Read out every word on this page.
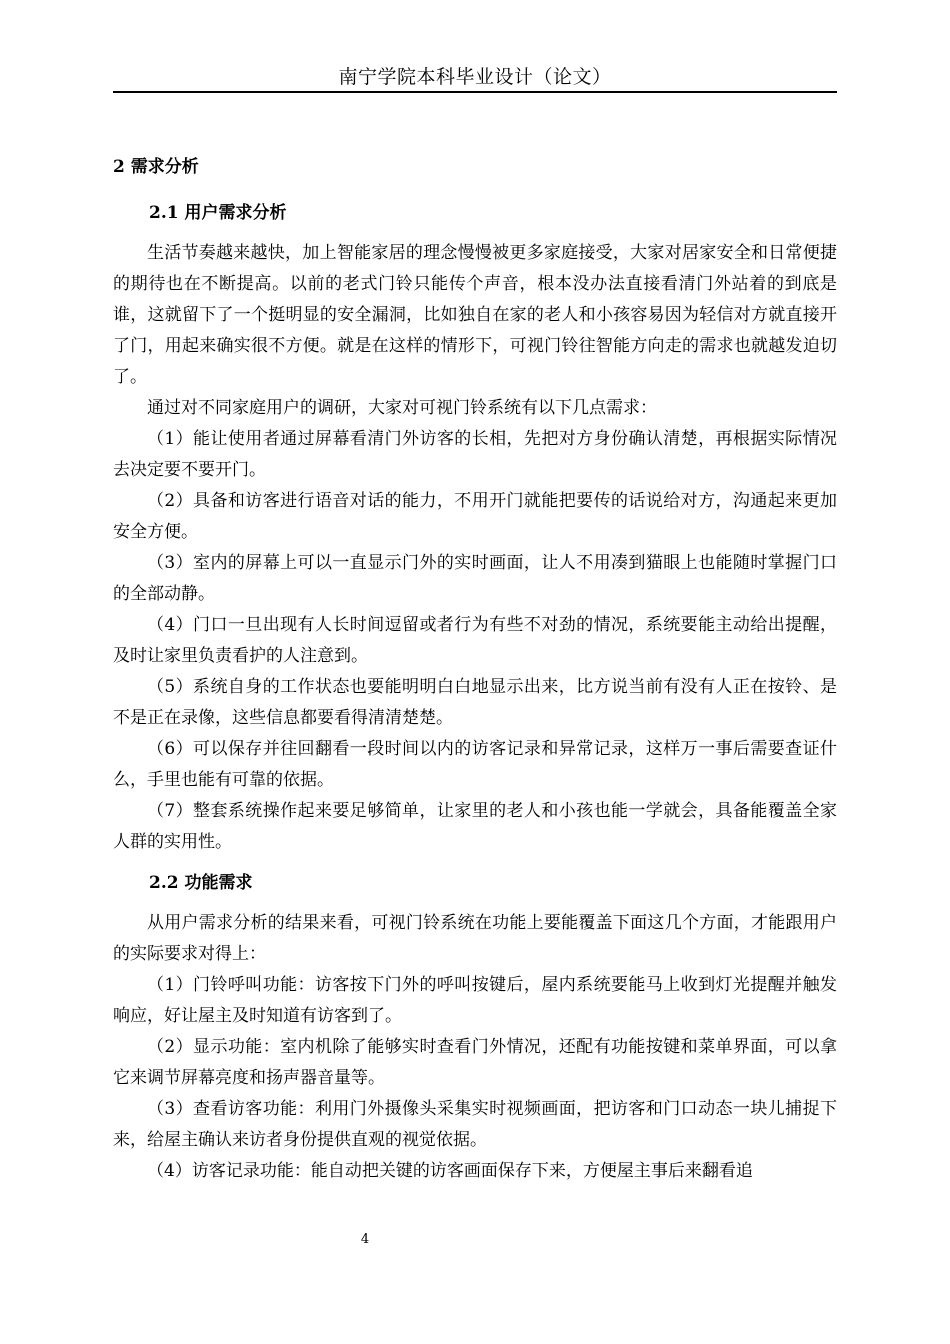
南宁学院本科毕业设计（论文）
2 需求分析
2.1 用户需求分析

生活节奏越来越快，加上智能家居的理念慢慢被更多家庭接受，大家对居家安全和日常便捷的期待也在不断提高。以前的老式门铃只能传个声音，根本没办法直接看清门外站着的到底是谁，这就留下了一个挺明显的安全漏洞，比如独自在家的老人和小孩容易因为轻信对方就直接开了门，用起来确实很不方便。就是在这样的情形下，可视门铃往智能方向走的需求也就越发迫切了。

通过对不同家庭用户的调研，大家对可视门铃系统有以下几点需求：

（1）能让使用者通过屏幕看清门外访客的长相，先把对方身份确认清楚，再根据实际情况去决定要不要开门。

（2）具备和访客进行语音对话的能力，不用开门就能把要传的话说给对方，沟通起来更加安全方便。

（3）室内的屏幕上可以一直显示门外的实时画面，让人不用凑到猫眼上也能随时掌握门口的全部动静。

（4）门口一旦出现有人长时间逗留或者行为有些不对劲的情况，系统要能主动给出提醒，及时让家里负责看护的人注意到。

（5）系统自身的工作状态也要能明明白白地显示出来，比方说当前有没有人正在按铃、是不是正在录像，这些信息都要看得清清楚楚。

（6）可以保存并往回翻看一段时间以内的访客记录和异常记录，这样万一事后需要查证什么，手里也能有可靠的依据。

（7）整套系统操作起来要足够简单，让家里的老人和小孩也能一学就会，具备能覆盖全家人群的实用性。

2.2 功能需求

从用户需求分析的结果来看，可视门铃系统在功能上要能覆盖下面这几个方面，才能跟用户的实际要求对得上：

（1）门铃呼叫功能：访客按下门外的呼叫按键后，屋内系统要能马上收到灯光提醒并触发响应，好让屋主及时知道有访客到了。

（2）显示功能：室内机除了能够实时查看门外情况，还配有功能按键和菜单界面，可以拿它来调节屏幕亮度和扬声器音量等。

（3）查看访客功能：利用门外摄像头采集实时视频画面，把访客和门口动态一块儿捕捉下来，给屋主确认来访者身份提供直观的视觉依据。

（4）访客记录功能：能自动把关键的访客画面保存下来，方便屋主事后来翻看追

4
